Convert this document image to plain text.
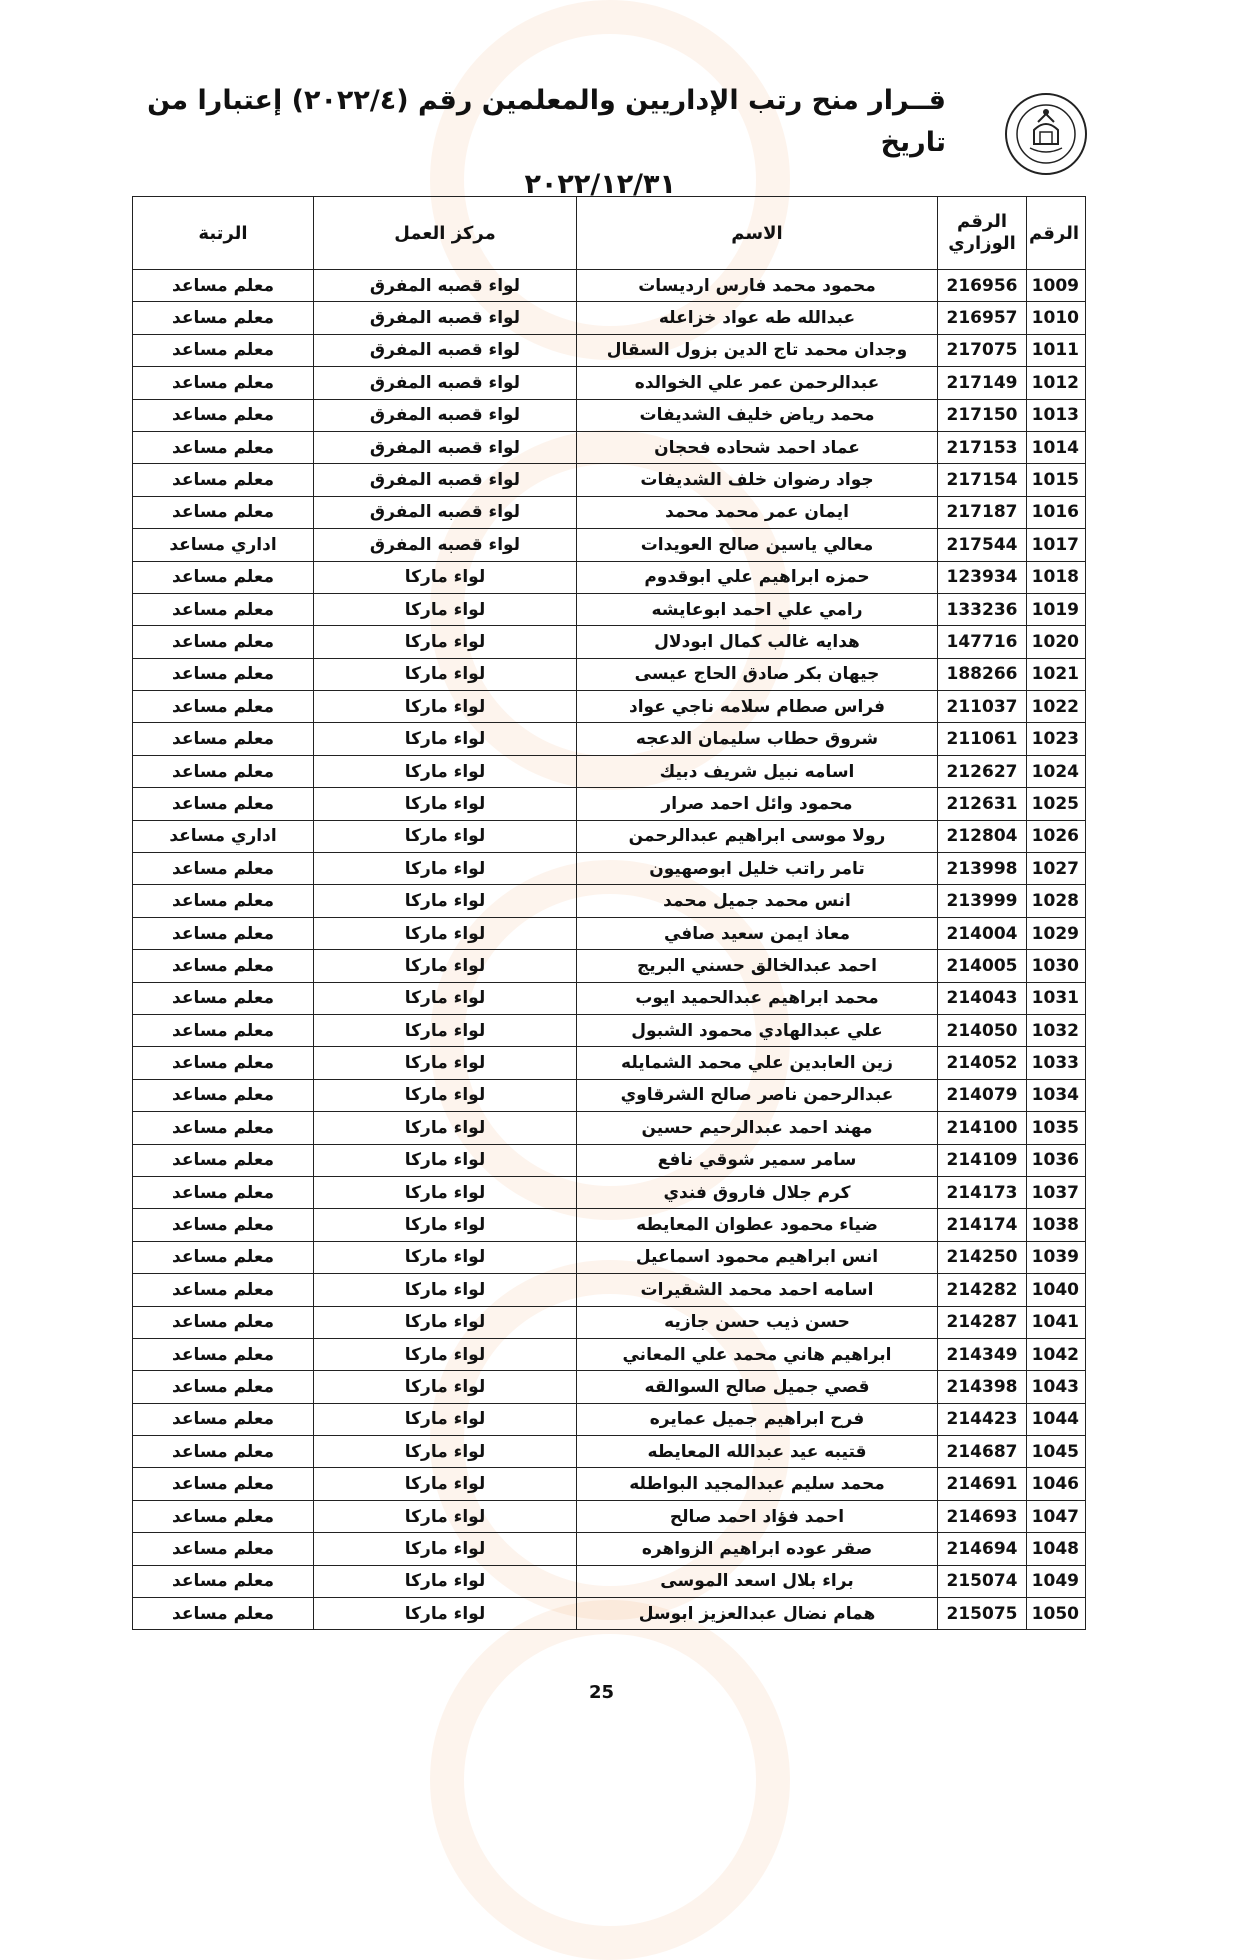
قــرار منح رتب الإداريين والمعلمين رقم (٢٠٢٢/٤) إعتبارا من تاريخ
٢٠٢٢/١٢/٣١
الرقم	الرقم الوزاري	الاسم	مركز العمل	الرتبة
1009	216956	محمود محمد فارس ارديسات	لواء قصبه المفرق	معلم مساعد
1010	216957	عبدالله طه عواد خزاعله	لواء قصبه المفرق	معلم مساعد
1011	217075	وجدان محمد تاج الدين بزول السقال	لواء قصبه المفرق	معلم مساعد
1012	217149	عبدالرحمن عمر علي الخوالده	لواء قصبه المفرق	معلم مساعد
1013	217150	محمد رياض خليف الشديفات	لواء قصبه المفرق	معلم مساعد
1014	217153	عماد احمد شحاده فحجان	لواء قصبه المفرق	معلم مساعد
1015	217154	جواد رضوان خلف الشديفات	لواء قصبه المفرق	معلم مساعد
1016	217187	ايمان عمر محمد محمد	لواء قصبه المفرق	معلم مساعد
1017	217544	معالي ياسين صالح العويدات	لواء قصبه المفرق	اداري مساعد
1018	123934	حمزه ابراهيم علي ابوقدوم	لواء ماركا	معلم مساعد
1019	133236	رامي علي احمد ابوعايشه	لواء ماركا	معلم مساعد
1020	147716	هدايه غالب كمال ابودلال	لواء ماركا	معلم مساعد
1021	188266	جيهان بكر صادق الحاج عيسى	لواء ماركا	معلم مساعد
1022	211037	فراس صطام سلامه ناجي عواد	لواء ماركا	معلم مساعد
1023	211061	شروق حطاب سليمان الدعجه	لواء ماركا	معلم مساعد
1024	212627	اسامه نبيل شريف دبيك	لواء ماركا	معلم مساعد
1025	212631	محمود وائل احمد صرار	لواء ماركا	معلم مساعد
1026	212804	رولا موسى ابراهيم عبدالرحمن	لواء ماركا	اداري مساعد
1027	213998	تامر راتب خليل ابوصهيون	لواء ماركا	معلم مساعد
1028	213999	انس محمد جميل محمد	لواء ماركا	معلم مساعد
1029	214004	معاذ ايمن سعيد صافي	لواء ماركا	معلم مساعد
1030	214005	احمد عبدالخالق حسني البريج	لواء ماركا	معلم مساعد
1031	214043	محمد ابراهيم عبدالحميد ايوب	لواء ماركا	معلم مساعد
1032	214050	علي عبدالهادي محمود الشبول	لواء ماركا	معلم مساعد
1033	214052	زين العابدين علي محمد الشمايله	لواء ماركا	معلم مساعد
1034	214079	عبدالرحمن ناصر صالح الشرقاوي	لواء ماركا	معلم مساعد
1035	214100	مهند احمد عبدالرحيم حسين	لواء ماركا	معلم مساعد
1036	214109	سامر سمير شوقي نافع	لواء ماركا	معلم مساعد
1037	214173	كرم جلال فاروق فندي	لواء ماركا	معلم مساعد
1038	214174	ضياء محمود عطوان المعايطه	لواء ماركا	معلم مساعد
1039	214250	انس ابراهيم محمود اسماعيل	لواء ماركا	معلم مساعد
1040	214282	اسامه احمد محمد الشقيرات	لواء ماركا	معلم مساعد
1041	214287	حسن ذيب حسن جازيه	لواء ماركا	معلم مساعد
1042	214349	ابراهيم هاني محمد علي المعاني	لواء ماركا	معلم مساعد
1043	214398	قصي جميل صالح السوالقه	لواء ماركا	معلم مساعد
1044	214423	فرح ابراهيم جميل عمايره	لواء ماركا	معلم مساعد
1045	214687	قتيبه عيد عبدالله المعايطه	لواء ماركا	معلم مساعد
1046	214691	محمد سليم عبدالمجيد البواطله	لواء ماركا	معلم مساعد
1047	214693	احمد فؤاد احمد صالح	لواء ماركا	معلم مساعد
1048	214694	صقر عوده ابراهيم الزواهره	لواء ماركا	معلم مساعد
1049	215074	براء بلال اسعد الموسى	لواء ماركا	معلم مساعد
1050	215075	همام نضال عبدالعزيز ابوسل	لواء ماركا	معلم مساعد
25
